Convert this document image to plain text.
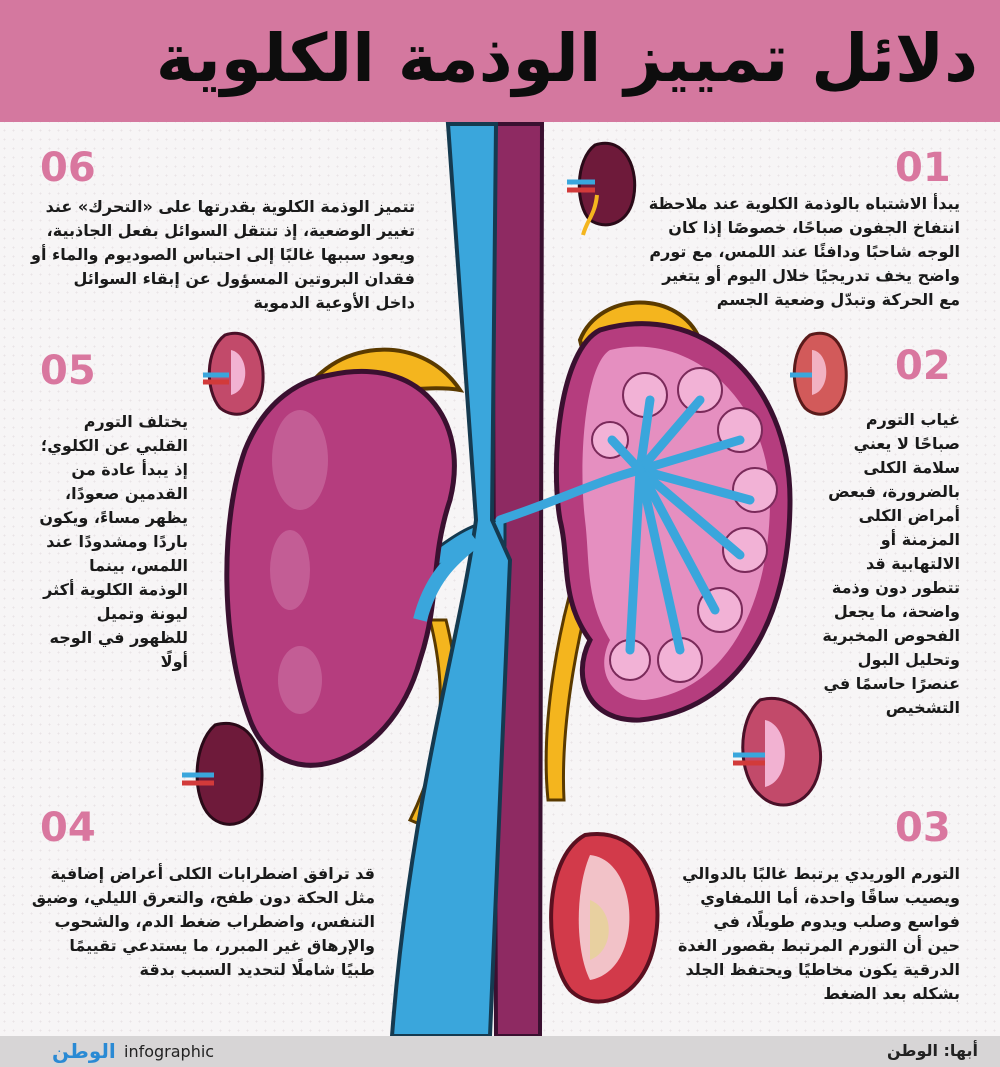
دلائل تمييز الوذمة الكلوية
01
يبدأ الاشتباه بالوذمة الكلوية عند ملاحظة انتفاخ الجفون صباحًا، خصوصًا إذا كان الوجه شاحبًا ودافئًا عند اللمس، مع تورم واضح يخف تدريجيًا خلال اليوم أو يتغير مع الحركة وتبدّل وضعية الجسم
02
غياب التورم صباحًا لا يعني سلامة الكلى بالضرورة، فبعض أمراض الكلى المزمنة أو الالتهابية قد تتطور دون وذمة واضحة، ما يجعل الفحوص المخبرية وتحليل البول عنصرًا حاسمًا في التشخيص
03
التورم الوريدي يرتبط غالبًا بالدوالي ويصيب ساقًا واحدة، أما اللمفاوي فواسع وصلب ويدوم طويلًا، في حين أن التورم المرتبط بقصور الغدة الدرقية يكون مخاطيًا ويحتفظ الجلد بشكله بعد الضغط
04
قد ترافق اضطرابات الكلى أعراض إضافية مثل الحكة دون طفح، والتعرق الليلي، وضيق التنفس، واضطراب ضغط الدم، والشحوب والإرهاق غير المبرر، ما يستدعي تقييمًا طبيًا شاملًا لتحديد السبب بدقة
05
يختلف التورم القلبي عن الكلوي؛ إذ يبدأ عادة من القدمين صعودًا، يظهر مساءً، ويكون باردًا ومشدودًا عند اللمس، بينما الوذمة الكلوية أكثر ليونة وتميل للظهور في الوجه أولًا
06
تتميز الوذمة الكلوية بقدرتها على «التحرك» عند تغيير الوضعية، إذ تنتقل السوائل بفعل الجاذبية، ويعود سببها غالبًا إلى احتباس الصوديوم والماء أو فقدان البروتين المسؤول عن إبقاء السوائل داخل الأوعية الدموية
أبها: الوطن
الوطن infographic
